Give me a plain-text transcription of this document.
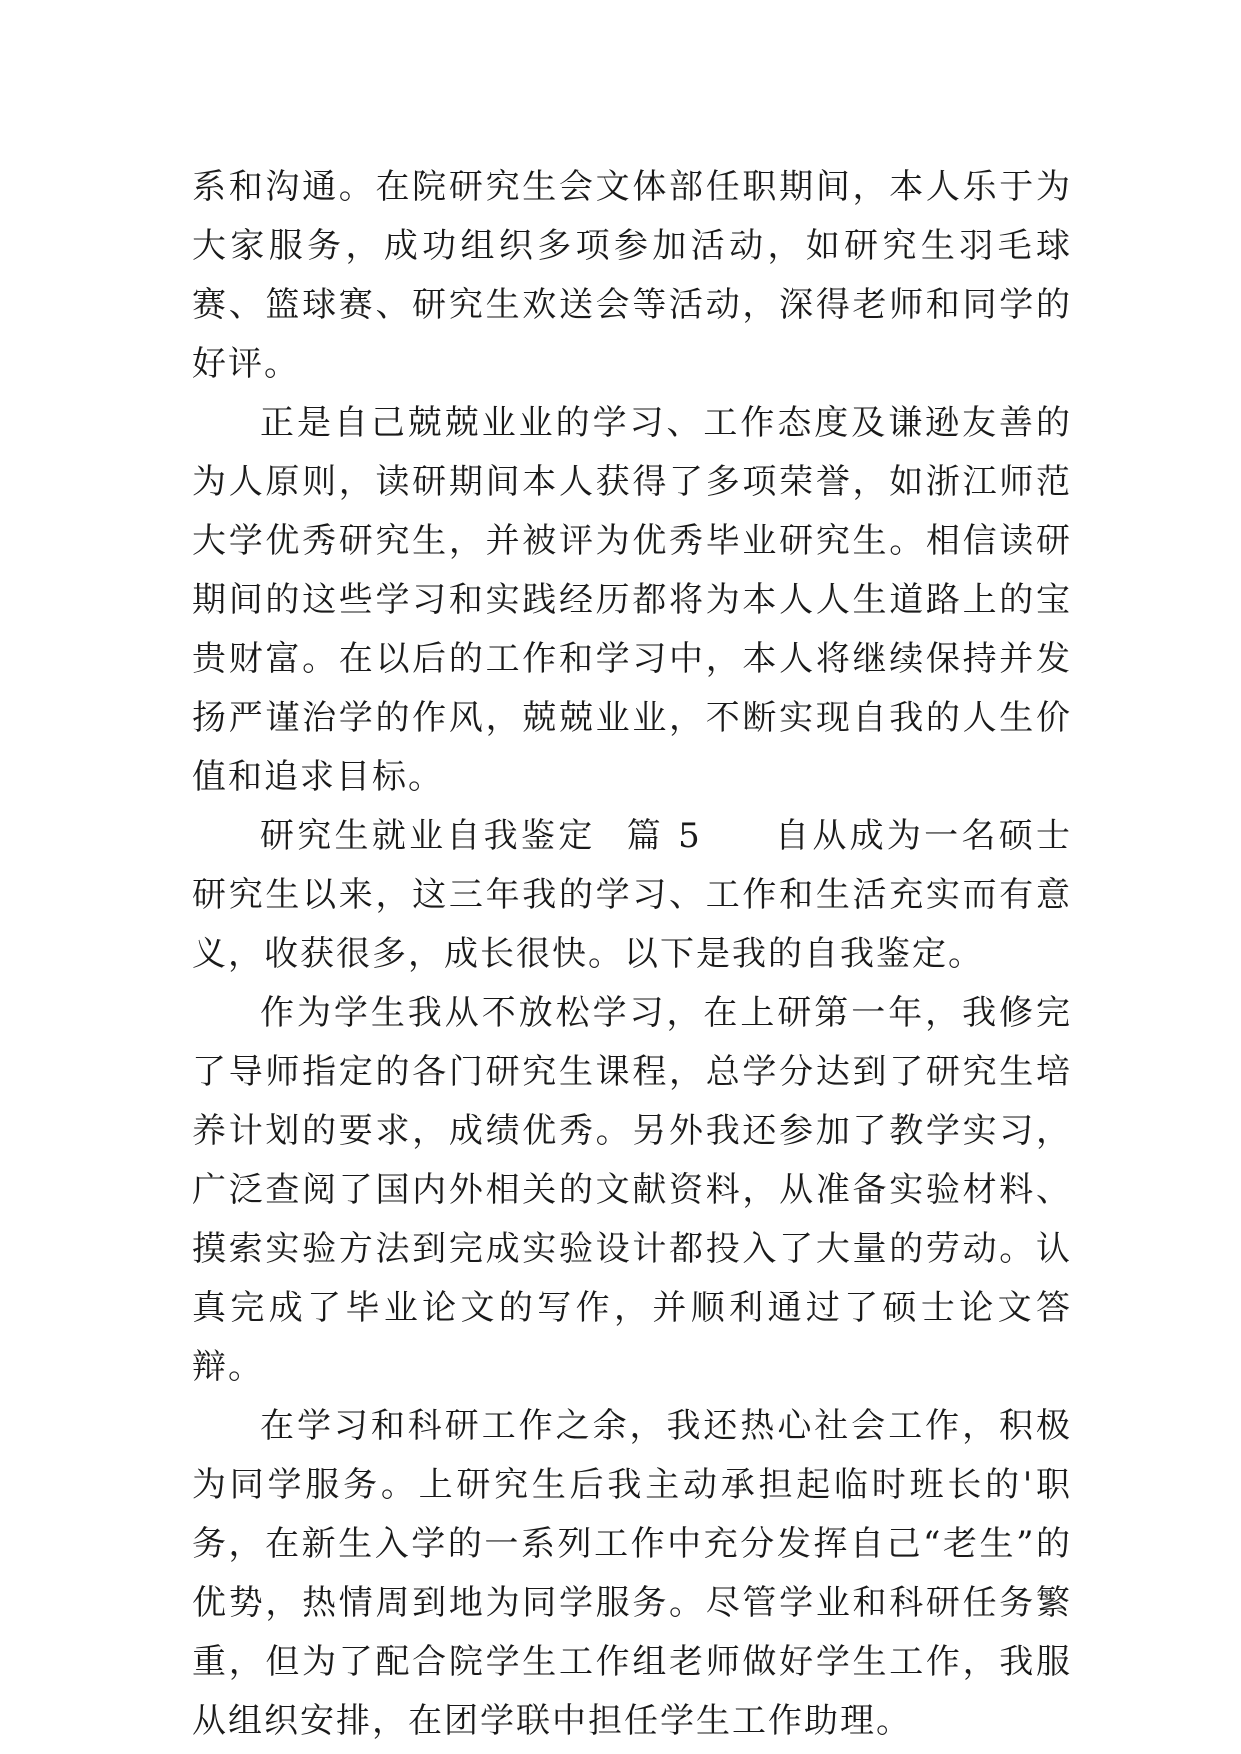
系和沟通。在院研究生会文体部任职期间，本人乐于为大家服务，成功组织多项参加活动，如研究生羽毛球赛、篮球赛、研究生欢送会等活动，深得老师和同学的好评。

正是自己兢兢业业的学习、工作态度及谦逊友善的为人原则，读研期间本人获得了多项荣誉，如浙江师范大学优秀研究生，并被评为优秀毕业研究生。相信读研期间的这些学习和实践经历都将为本人人生道路上的宝贵财富。在以后的工作和学习中，本人将继续保持并发扬严谨治学的作风，兢兢业业，不断实现自我的人生价值和追求目标。

研究生就业自我鉴定 篇 5 自从成为一名硕士研究生以来，这三年我的学习、工作和生活充实而有意义，收获很多，成长很快。以下是我的自我鉴定。

作为学生我从不放松学习，在上研第一年，我修完了导师指定的各门研究生课程，总学分达到了研究生培养计划的要求，成绩优秀。另外我还参加了教学实习，广泛查阅了国内外相关的文献资料，从准备实验材料、摸索实验方法到完成实验设计都投入了大量的劳动。认真完成了毕业论文的写作，并顺利通过了硕士论文答辩。

在学习和科研工作之余，我还热心社会工作，积极为同学服务。上研究生后我主动承担起临时班长的'职务，在新生入学的一系列工作中充分发挥自己“老生”的优势，热情周到地为同学服务。尽管学业和科研任务繁重，但为了配合院学生工作组老师做好学生工作，我服从组织安排，在团学联中担任学生工作助理。
